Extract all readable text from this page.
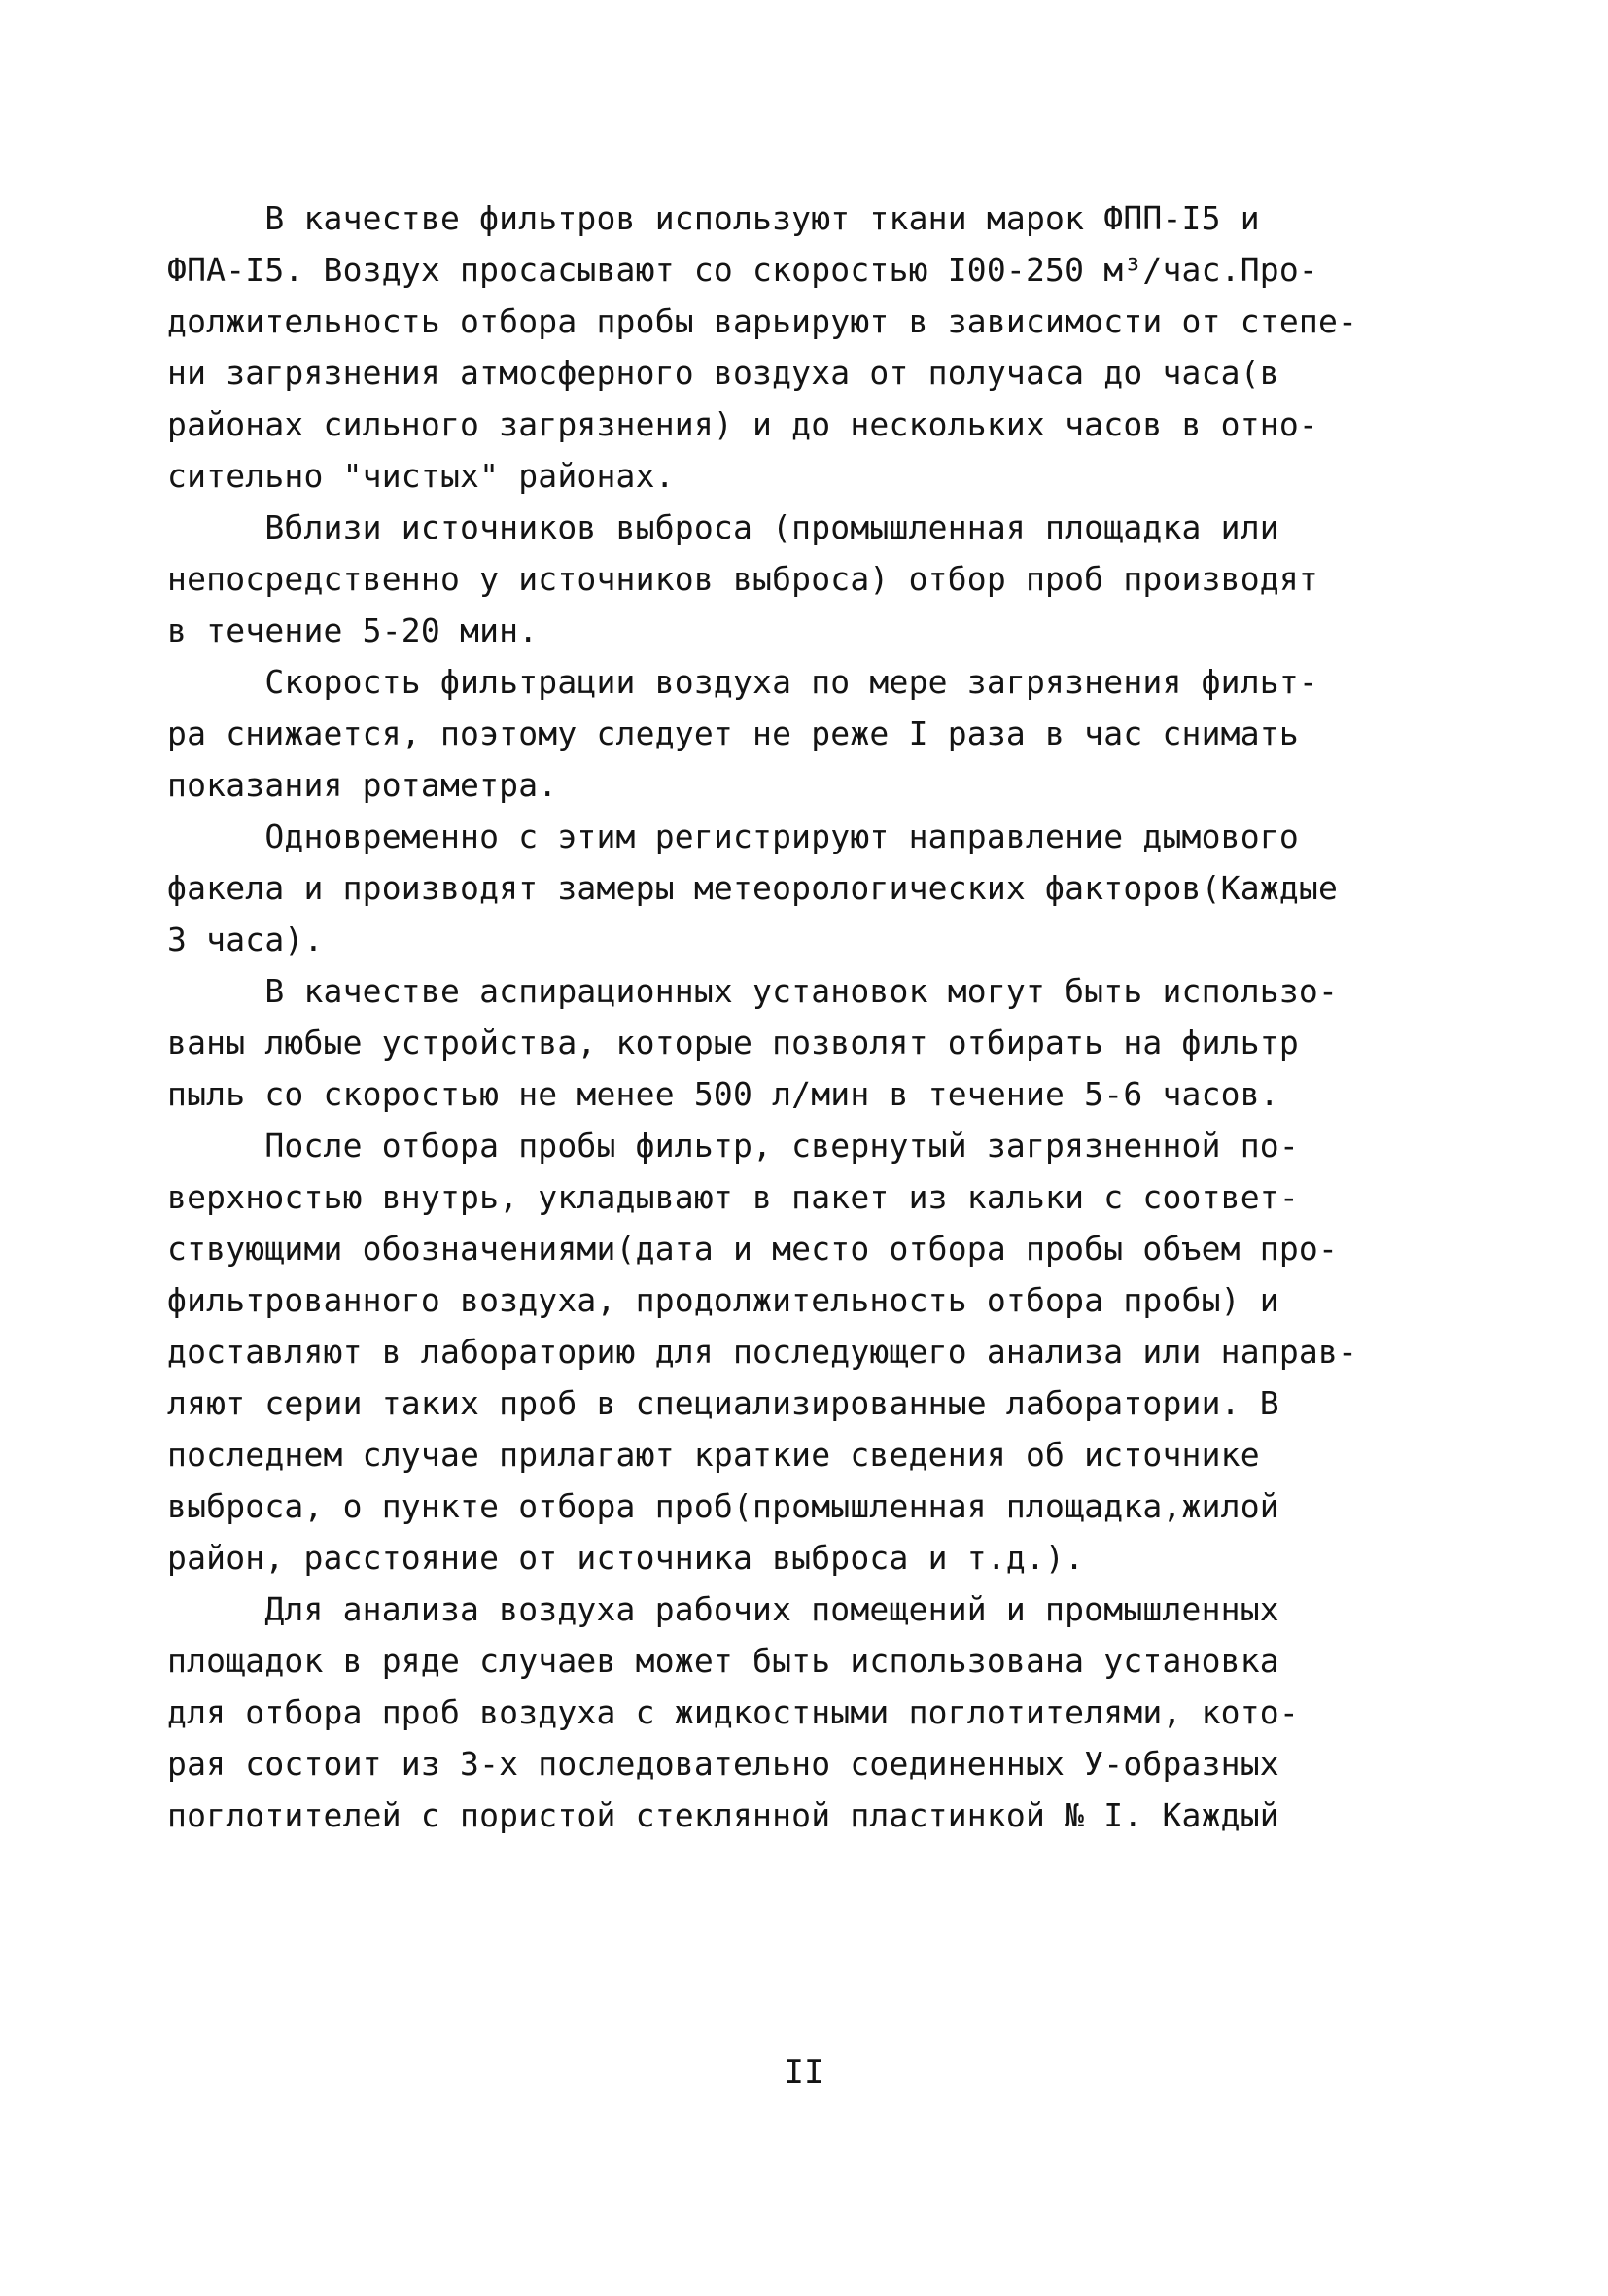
В качестве фильтров используют ткани марок ФПП-I5 и
ФПА-I5. Воздух просасывают со скоростью I00-250 м³/час.Про-
должительность отбора пробы варьируют в зависимости от степе-
ни загрязнения атмосферного воздуха от получаса до часа(в
районах сильного загрязнения) и до нескольких часов в отно-
сительно "чистых" районах.
Вблизи источников выброса (промышленная площадка или
непосредственно у источников выброса) отбор проб производят
в течение 5-20 мин.
Скорость фильтрации воздуха по мере загрязнения фильт-
ра снижается, поэтому следует не реже I раза в час снимать
показания ротаметра.
Одновременно с этим регистрируют направление дымового
факела и производят замеры метеорологических факторов(Каждые
3 часа).
В качестве аспирационных установок могут быть использо-
ваны любые устройства, которые позволят отбирать на фильтр
пыль со скоростью не менее 500 л/мин в течение 5-6 часов.
После отбора пробы фильтр, свернутый загрязненной по-
верхностью внутрь, укладывают в пакет из кальки с соответ-
ствующими обозначениями(дата и место отбора пробы объем про-
фильтрованного воздуха, продолжительность отбора пробы) и
доставляют в лабораторию для последующего анализа или направ-
ляют серии таких проб в специализированные лаборатории. В
последнем случае прилагают краткие сведения об источнике
выброса, о пункте отбора проб(промышленная площадка,жилой
район, расстояние от источника выброса и т.д.).
Для анализа воздуха рабочих помещений и промышленных
площадок в ряде случаев может быть использована установка
для отбора проб воздуха с жидкостными поглотителями, кото-
рая состоит из 3-х последовательно соединенных У-образных
поглотителей с пористой стеклянной пластинкой № I. Каждый
II
